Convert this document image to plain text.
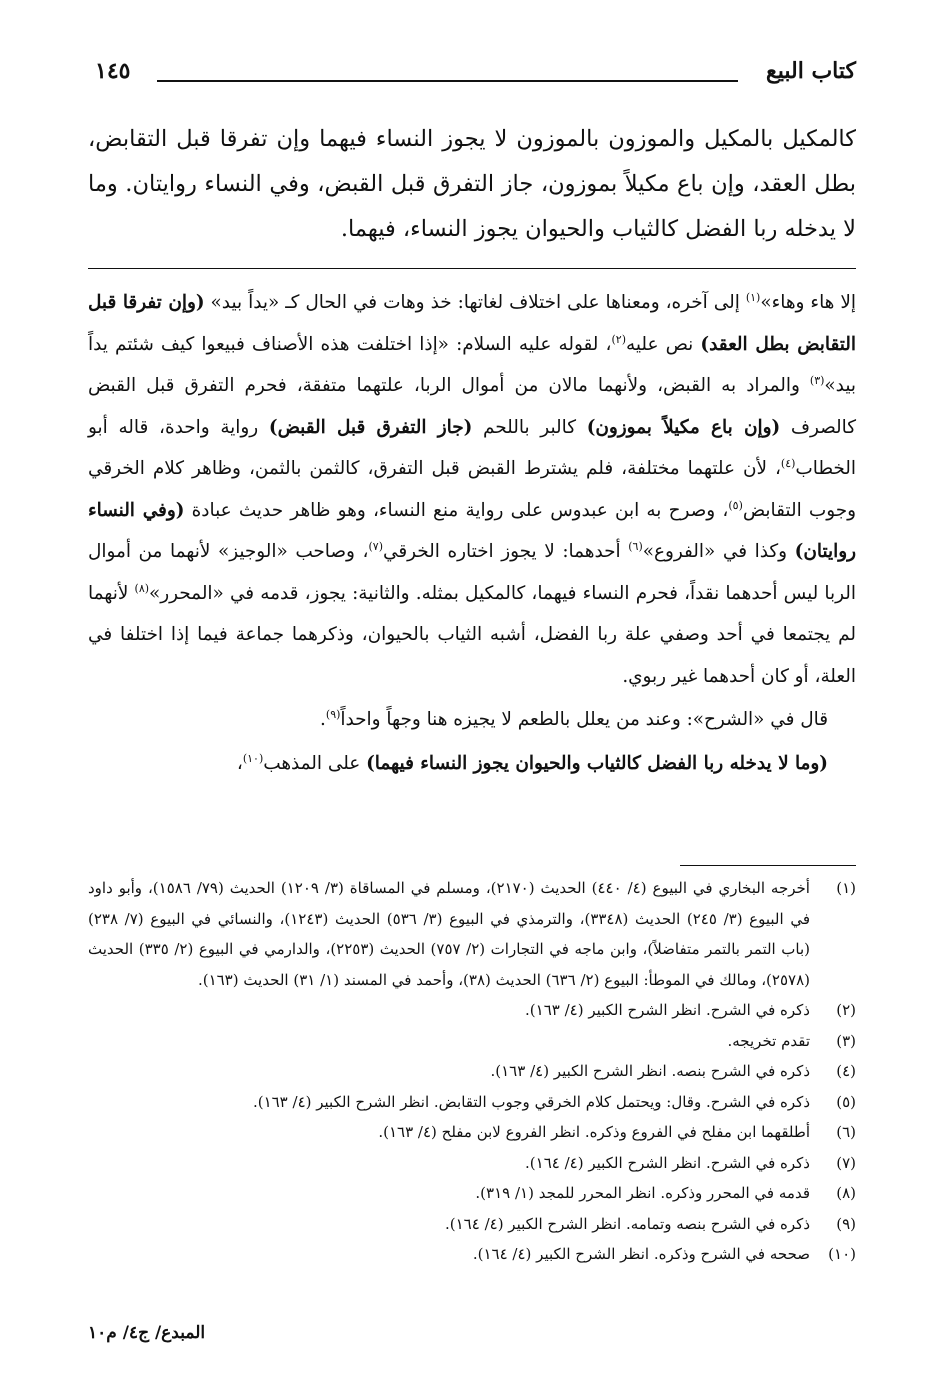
كتاب البيع
١٤٥

كالمكيل بالمكيل والموزون بالموزون لا يجوز النساء فيهما وإن تفرقا قبل التقابض، بطل العقد، وإن باع مكيلاً بموزون، جاز التفرق قبل القبض، وفي النساء روايتان. وما لا يدخله ربا الفضل كالثياب والحيوان يجوز النساء، فيهما.

إلا هاء وهاء»$^{(١)}$ إلى آخره، ومعناها على اختلاف لغاتها: خذ وهات في الحال كـ «يداً بيد» (وإن تفرقا قبل التقابض بطل العقد) نص عليه$^{(٢)}$، لقوله عليه السلام: «إذا اختلفت هذه الأصناف فبيعوا كيف شئتم يداً بيد»$^{(٣)}$ والمراد به القبض، ولأنهما مالان من أموال الربا، علتهما متفقة، فحرم التفرق قبل القبض كالصرف (وإن باع مكيلاً بموزون) كالبر باللحم (جاز التفرق قبل القبض) رواية واحدة، قاله أبو الخطاب$^{(٤)}$، لأن علتهما مختلفة، فلم يشترط القبض قبل التفرق، كالثمن بالثمن، وظاهر كلام الخرقي وجوب التقابض$^{(٥)}$، وصرح به ابن عبدوس على رواية منع النساء، وهو ظاهر حديث عبادة (وفي النساء روايتان) وكذا في «الفروع»$^{(٦)}$ أحدهما: لا يجوز اختاره الخرقي$^{(٧)}$، وصاحب «الوجيز» لأنهما من أموال الربا ليس أحدهما نقداً، فحرم النساء فيهما، كالمكيل بمثله. والثانية: يجوز، قدمه في «المحرر»$^{(٨)}$ لأنهما لم يجتمعا في أحد وصفي علة ربا الفضل، أشبه الثياب بالحيوان، وذكرهما جماعة فيما إذا اختلفا في العلة، أو كان أحدهما غير ربوي.

قال في «الشرح»: وعند من يعلل بالطعم لا يجيزه هنا وجهاً واحداً$^{(٩)}$.

(وما لا يدخله ربا الفضل كالثياب والحيوان يجوز النساء فيهما) على المذهب$^{(١٠)}$،

(١)
أخرجه البخاري في البيوع (٤/ ٤٤٠) الحديث (٢١٧٠)، ومسلم في المساقاة (٣/ ١٢٠٩) الحديث (٧٩/ ١٥٨٦)، وأبو داود في البيوع (٣/ ٢٤٥) الحديث (٣٣٤٨)، والترمذي في البيوع (٣/ ٥٣٦) الحديث (١٢٤٣)، والنسائي في البيوع (٧/ ٢٣٨) (باب التمر بالتمر متفاضلاً)، وابن ماجه في التجارات (٢/ ٧٥٧) الحديث (٢٢٥٣)، والدارمي في البيوع (٢/ ٣٣٥) الحديث (٢٥٧٨)، ومالك في الموطأ: البيوع (٢/ ٦٣٦) الحديث (٣٨)، وأحمد في المسند (١/ ٣١) الحديث (١٦٣).
(٢)
ذكره في الشرح. انظر الشرح الكبير (٤/ ١٦٣).
(٣)
تقدم تخريجه.
(٤)
ذكره في الشرح بنصه. انظر الشرح الكبير (٤/ ١٦٣).
(٥)
ذكره في الشرح. وقال: ويحتمل كلام الخرقي وجوب التقابض. انظر الشرح الكبير (٤/ ١٦٣).
(٦)
أطلقهما ابن مفلح في الفروع وذكره. انظر الفروع لابن مفلح (٤/ ١٦٣).
(٧)
ذكره في الشرح. انظر الشرح الكبير (٤/ ١٦٤).
(٨)
قدمه في المحرر وذكره. انظر المحرر للمجد (١/ ٣١٩).
(٩)
ذكره في الشرح بنصه وتمامه. انظر الشرح الكبير (٤/ ١٦٤).
(١٠)
صححه في الشرح وذكره. انظر الشرح الكبير (٤/ ١٦٤).
المبدع/ ج٤/ م١٠
